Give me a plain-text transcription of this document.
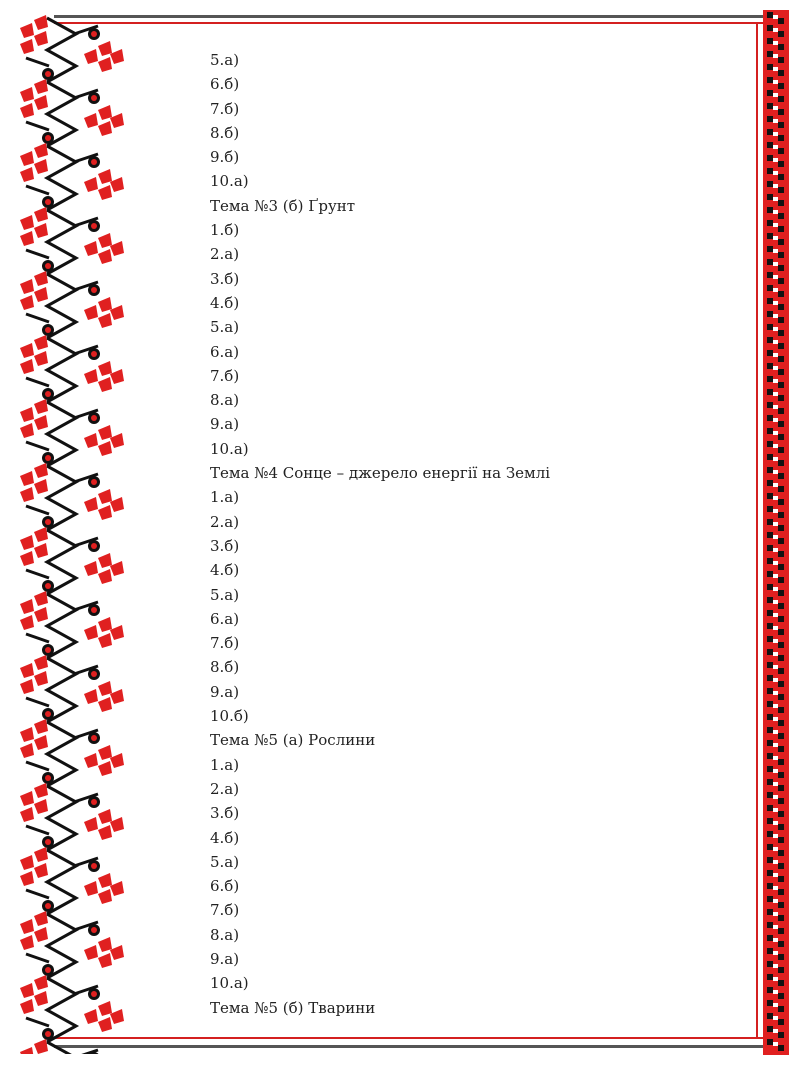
5.а)
6.б)
7.б)
8.б)
9.б)
10.а)
Тема №3 (б) Ґрунт
1.б)
2.а)
3.б)
4.б)
5.а)
6.а)
7.б)
8.а)
9.а)
10.а)
Тема №4 Сонце – джерело енергії на Землі
1.а)
2.а)
3.б)
4.б)
5.а)
6.а)
7.б)
8.б)
9.а)
10.б)
Тема №5 (а) Рослини
1.а)
2.а)
3.б)
4.б)
5.а)
6.б)
7.б)
8.а)
9.а)
10.а)
Тема №5 (б) Тварини
